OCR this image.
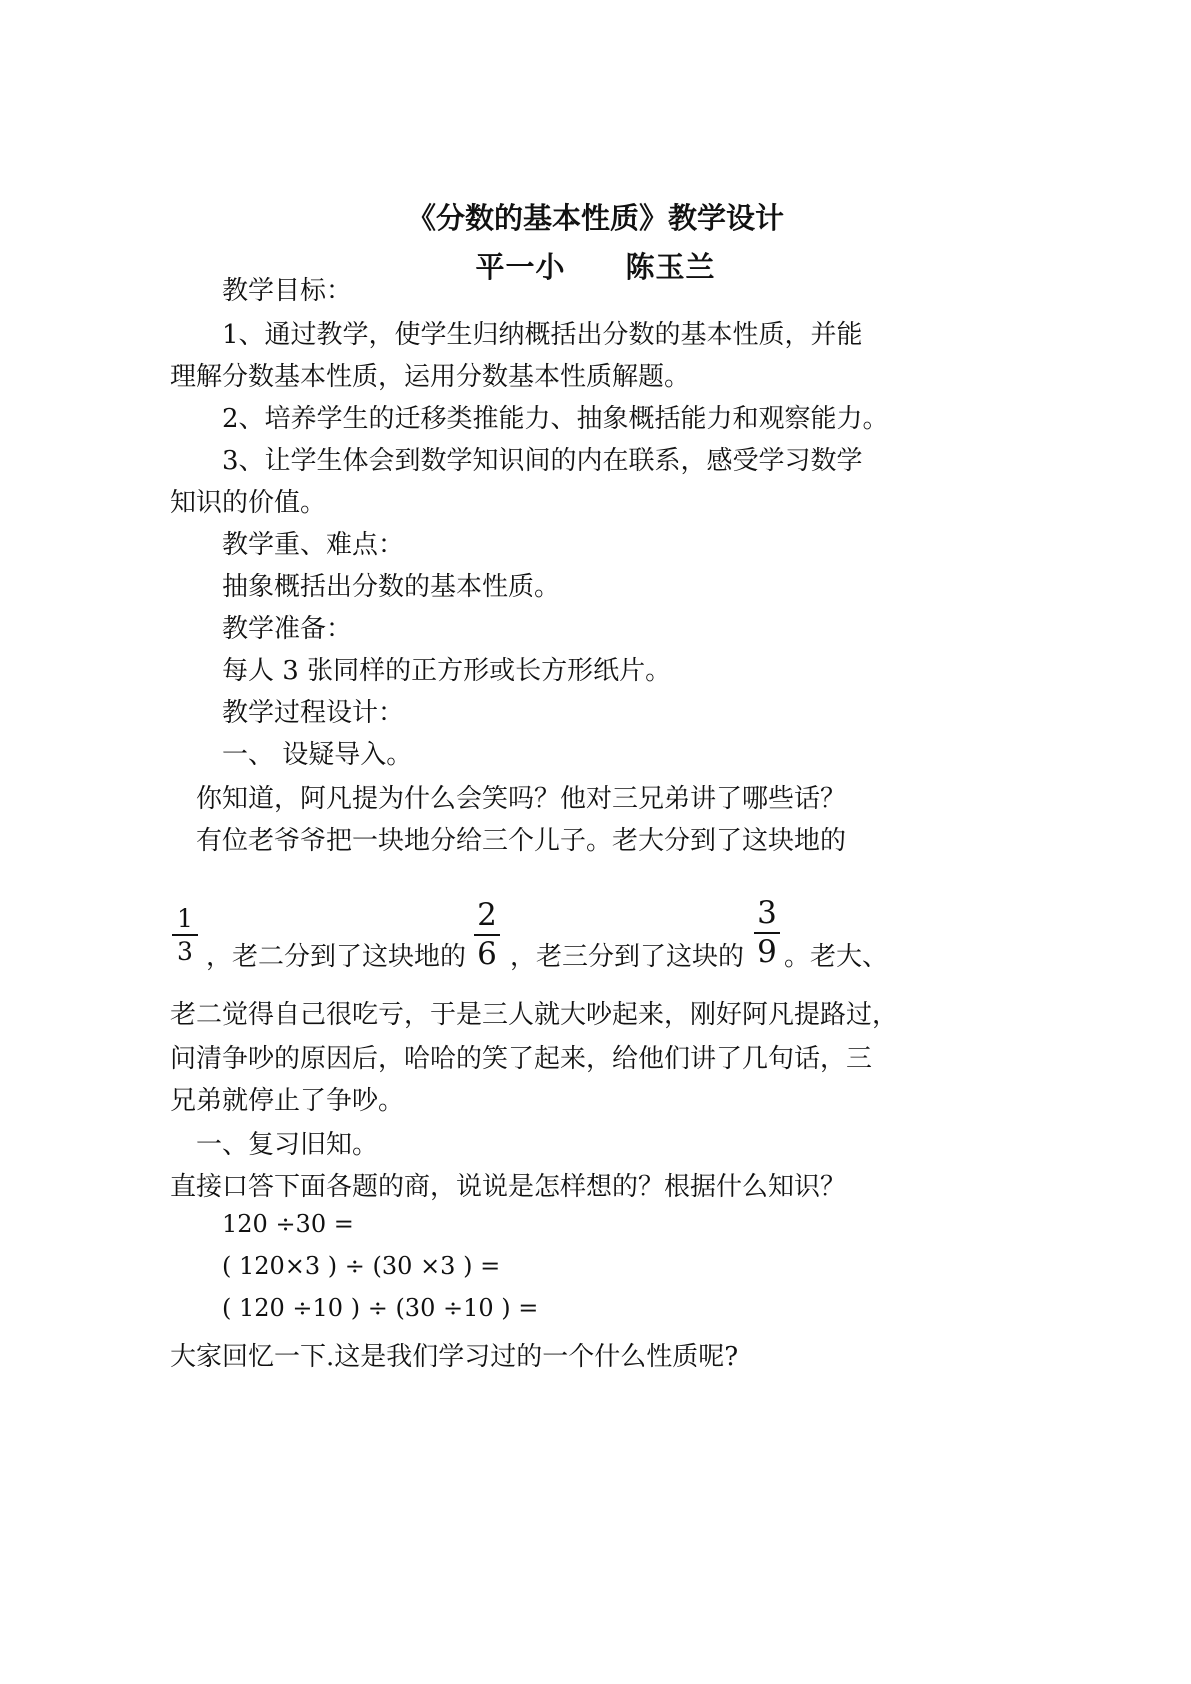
《分数的基本性质》教学设计
平一小 陈玉兰
教学目标：
1、通过教学，使学生归纳概括出分数的基本性质，并能
理解分数基本性质，运用分数基本性质解题。
2、培养学生的迁移类推能力、抽象概括能力和观察能力。
3、让学生体会到数学知识间的内在联系，感受学习数学
知识的价值。
教学重、难点：
抽象概括出分数的基本性质。
教学准备：
每人 3 张同样的正方形或长方形纸片。
教学过程设计：
一、 设疑导入。
你知道，阿凡提为什么会笑吗？他对三兄弟讲了哪些话？
有位老爷爷把一块地分给三个儿子。老大分到了这块地的
1
3 ，老二分到了这块地的
2
6 ，老三分到了这块的
3
9 。老大、
老二觉得自己很吃亏，于是三人就大吵起来，刚好阿凡提路过，
问清争吵的原因后，哈哈的笑了起来，给他们讲了几句话，三
兄弟就停止了争吵。
一、复习旧知。
直接口答下面各题的商，说说是怎样想的？根据什么知识？
120 ÷30 =
( 120×3 ) ÷ (30 ×3 ) =
( 120 ÷10 ) ÷ (30 ÷10 ) =
大家回忆一下.这是我们学习过的一个什么性质呢?
